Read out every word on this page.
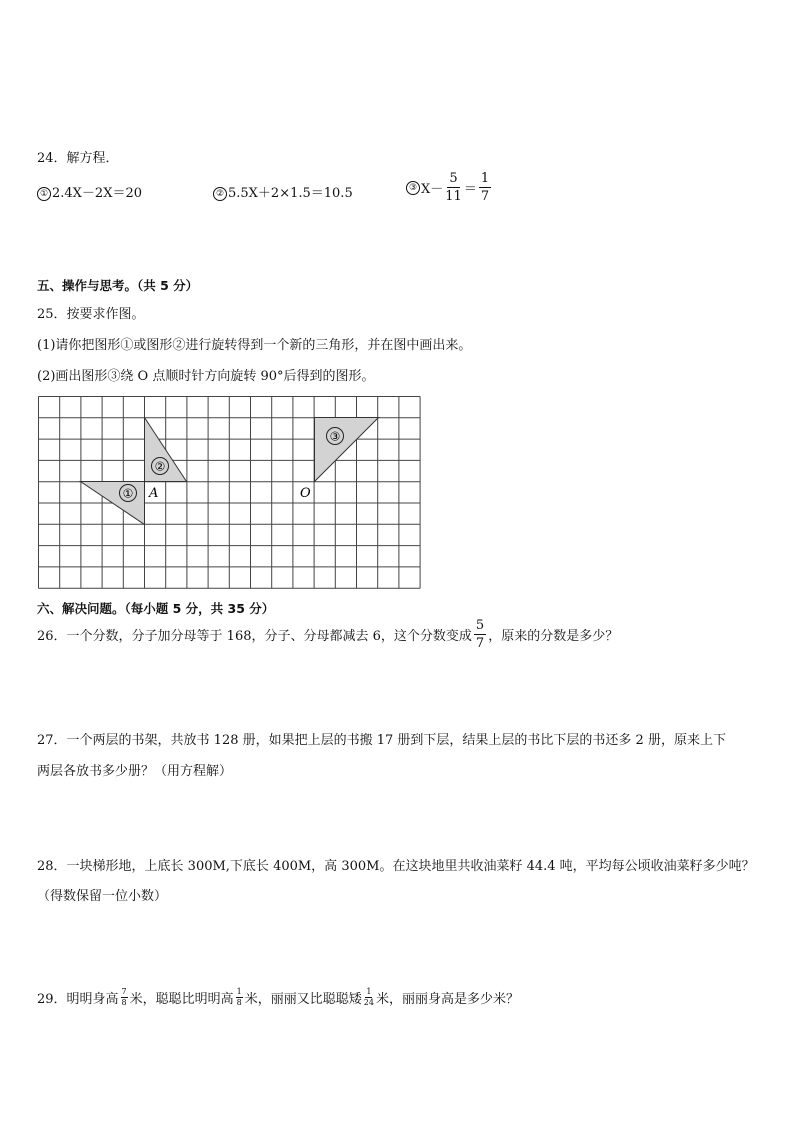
24．解方程．
① 2.4X－2X＝20	② 5.5X＋2×1.5＝10.5	③ $X- \frac{5}{11} = \frac{1}{7}$
五、操作与思考。（共 5 分）
25．按要求作图。
(1)请你把图形①或图形②进行旋转得到一个新的三角形，并在图中画出来。
(2)画出图形③绕 O 点顺时针方向旋转 90°后得到的图形。
①
②
③
A	O
六、解决问题。（每小题 5 分，共 35 分）
26．一个分数，分子加分母等于 168，分子、分母都减去 6，这个分数变成 $\frac{5}{7}$ ，原来的分数是多少？
27．一个两层的书架，共放书 128 册，如果把上层的书搬 17 册到下层，结果上层的书比下层的书还多 2 册，原来上下
两层各放书多少册？（用方程解）
28．一块梯形地，上底长 300M,下底长 400M，高 300M。在这块地里共收油菜籽 44.4 吨，平均每公顷收油菜籽多少吨？
（得数保留一位小数）
29．明明身高 $\frac{7}{8}$ 米，聪聪比明明高 $\frac{1}{8}$ 米，丽丽又比聪聪矮 $\frac{1}{24}$ 米，丽丽身高是多少米？
